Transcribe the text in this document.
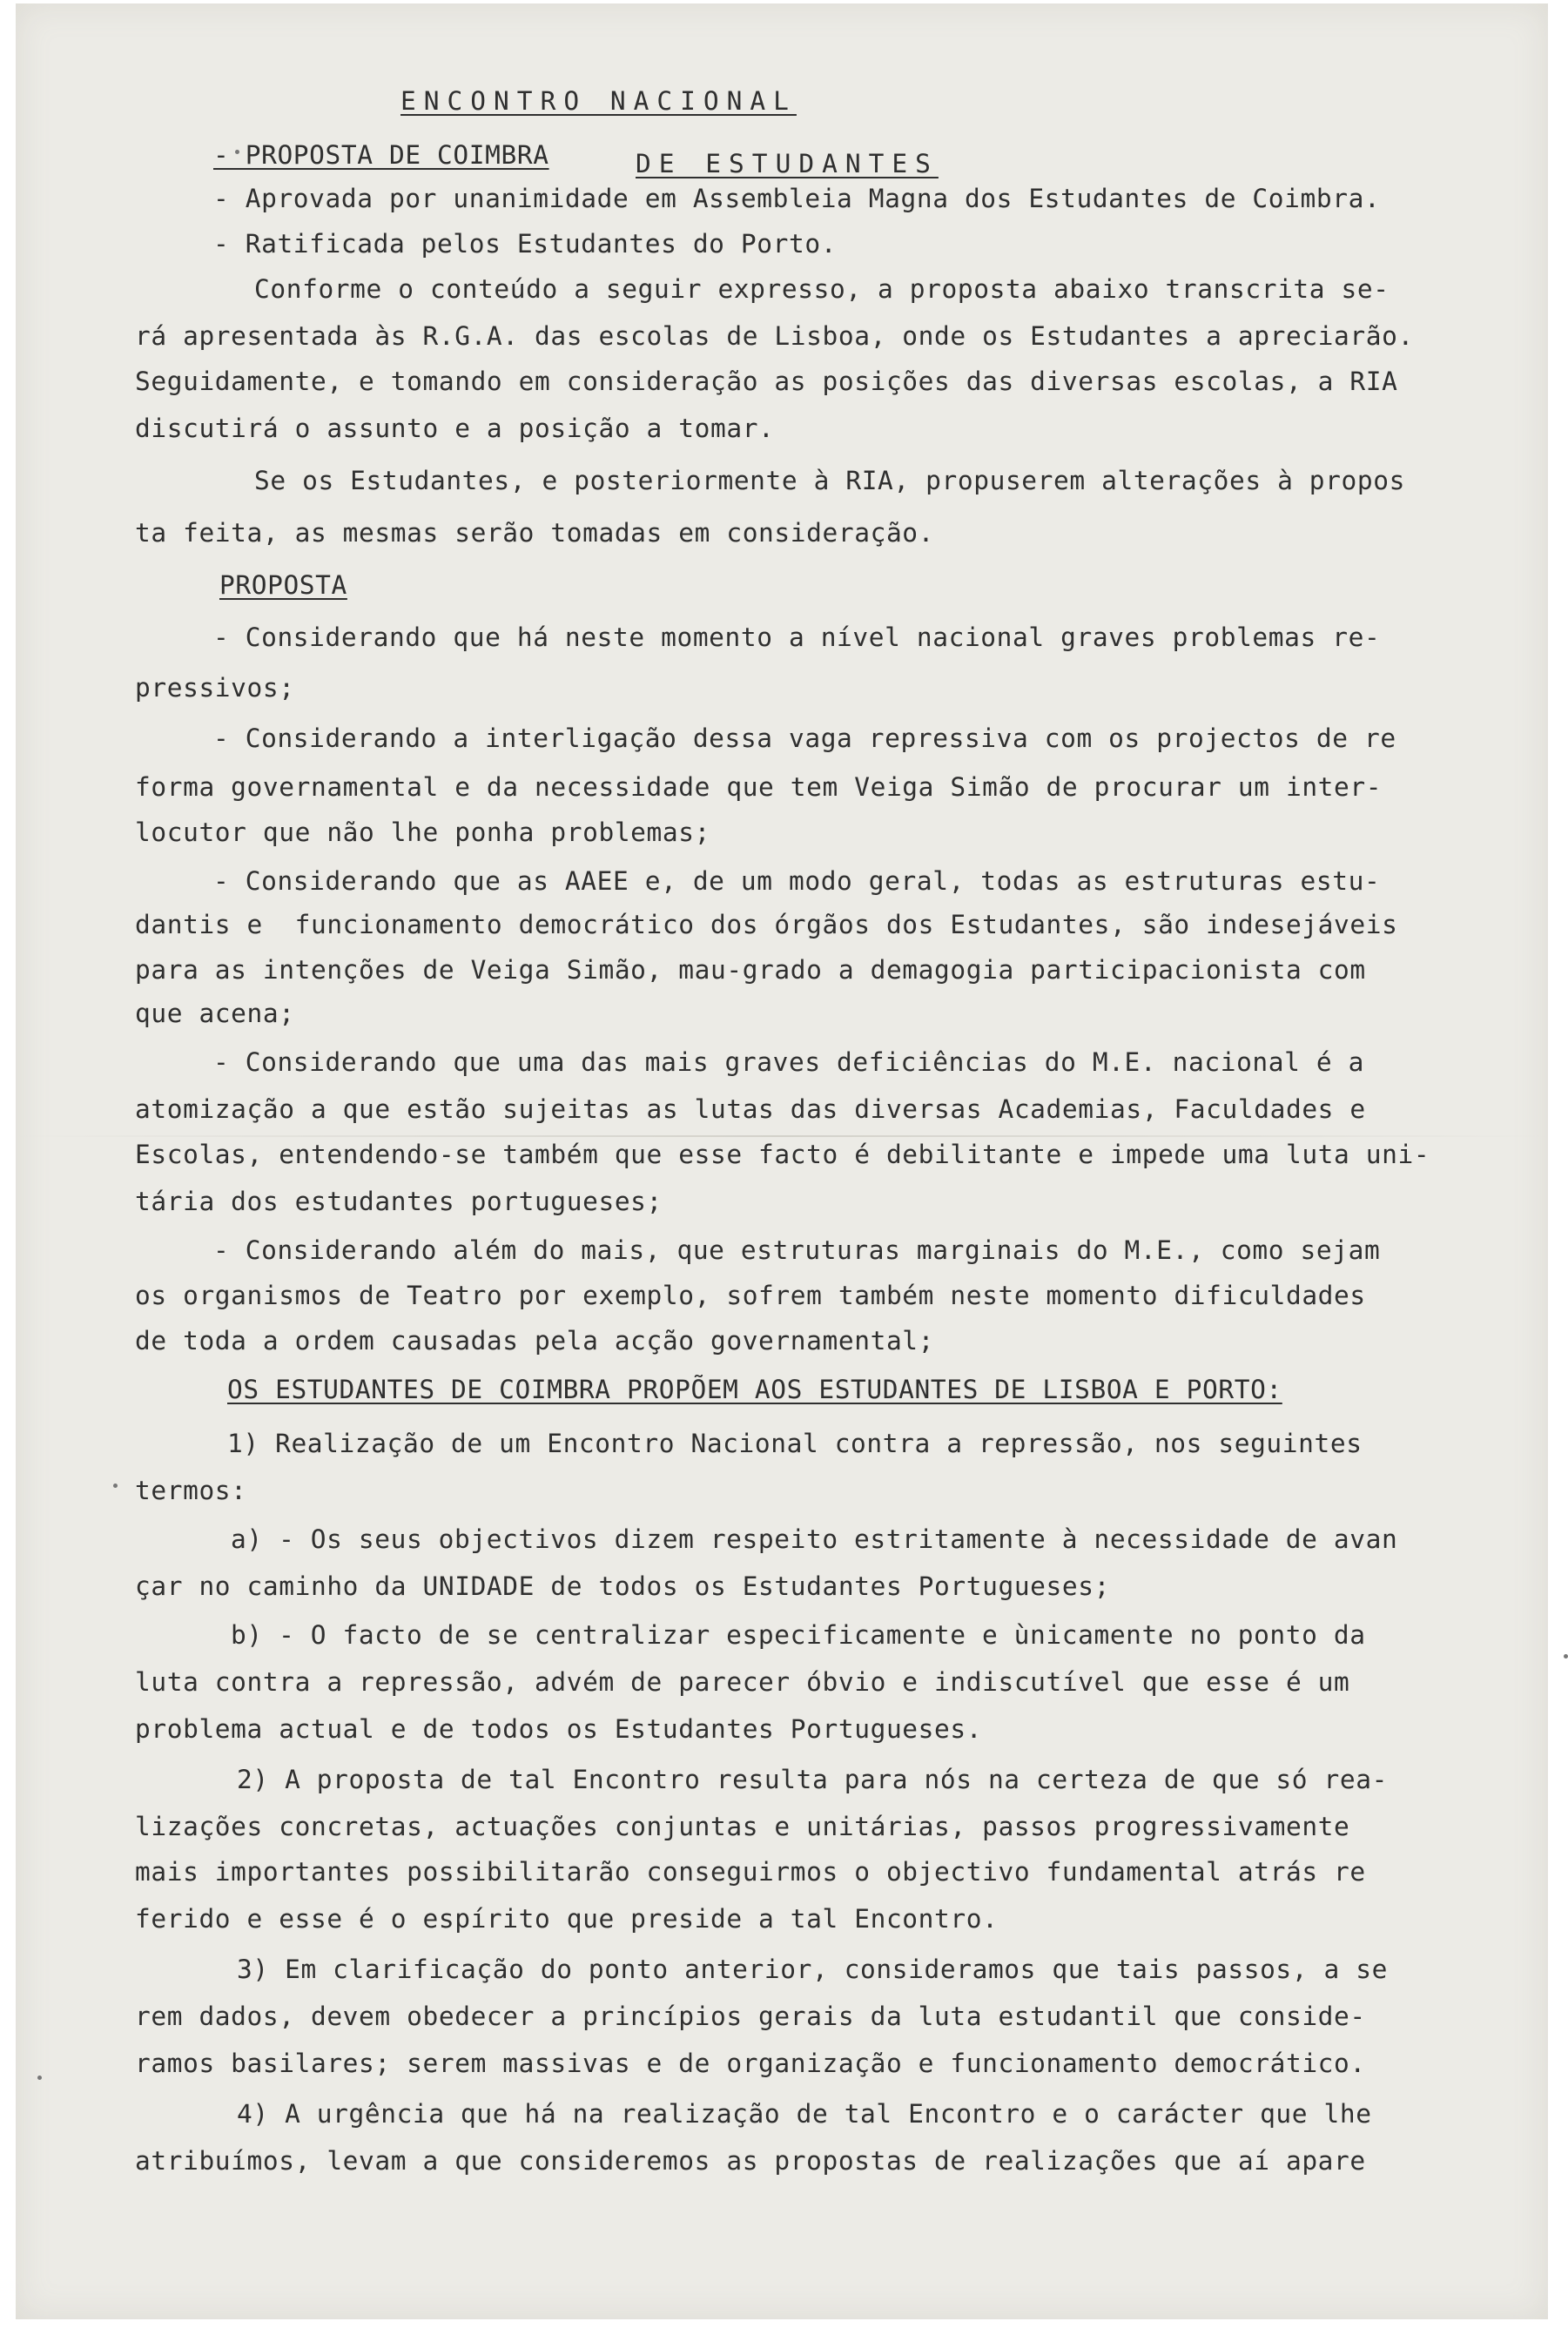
ENCONTRO NACIONAL
DE ESTUDANTES
- PROPOSTA DE COIMBRA
- Aprovada por unanimidade em Assembleia Magna dos Estudantes de Coimbra.
- Ratificada pelos Estudantes do Porto.
Conforme o conteúdo a seguir expresso, a proposta abaixo transcrita se-
rá apresentada às R.G.A. das escolas de Lisboa, onde os Estudantes a apreciarão.
Seguidamente, e tomando em consideração as posições das diversas escolas, a RIA
discutirá o assunto e a posição a tomar.
Se os Estudantes, e posteriormente à RIA, propuserem alterações à propos
ta feita, as mesmas serão tomadas em consideração.
PROPOSTA
- Considerando que há neste momento a nível nacional graves problemas re-
pressivos;
- Considerando a interligação dessa vaga repressiva com os projectos de re
forma governamental e da necessidade que tem Veiga Simão de procurar um inter-
locutor que não lhe ponha problemas;
- Considerando que as AAEE e, de um modo geral, todas as estruturas estu-
dantis e  funcionamento democrático dos órgãos dos Estudantes, são indesejáveis
para as intenções de Veiga Simão, mau-grado a demagogia participacionista com
que acena;
- Considerando que uma das mais graves deficiências do M.E. nacional é a
atomização a que estão sujeitas as lutas das diversas Academias, Faculdades e
Escolas, entendendo-se também que esse facto é debilitante e impede uma luta uni-
tária dos estudantes portugueses;
- Considerando além do mais, que estruturas marginais do M.E., como sejam
os organismos de Teatro por exemplo, sofrem também neste momento dificuldades
de toda a ordem causadas pela acção governamental;
OS ESTUDANTES DE COIMBRA PROPÕEM AOS ESTUDANTES DE LISBOA E PORTO:
1) Realização de um Encontro Nacional contra a repressão, nos seguintes
termos:
a) - Os seus objectivos dizem respeito estritamente à necessidade de avan
çar no caminho da UNIDADE de todos os Estudantes Portugueses;
b) - O facto de se centralizar especificamente e ùnicamente no ponto da
luta contra a repressão, advém de parecer óbvio e indiscutível que esse é um
problema actual e de todos os Estudantes Portugueses.
2) A proposta de tal Encontro resulta para nós na certeza de que só rea-
lizações concretas, actuações conjuntas e unitárias, passos progressivamente
mais importantes possibilitarão conseguirmos o objectivo fundamental atrás re
ferido e esse é o espírito que preside a tal Encontro.
3) Em clarificação do ponto anterior, consideramos que tais passos, a se
rem dados, devem obedecer a princípios gerais da luta estudantil que conside-
ramos basilares; serem massivas e de organização e funcionamento democrático.
4) A urgência que há na realização de tal Encontro e o carácter que lhe
atribuímos, levam a que consideremos as propostas de realizações que aí apare
